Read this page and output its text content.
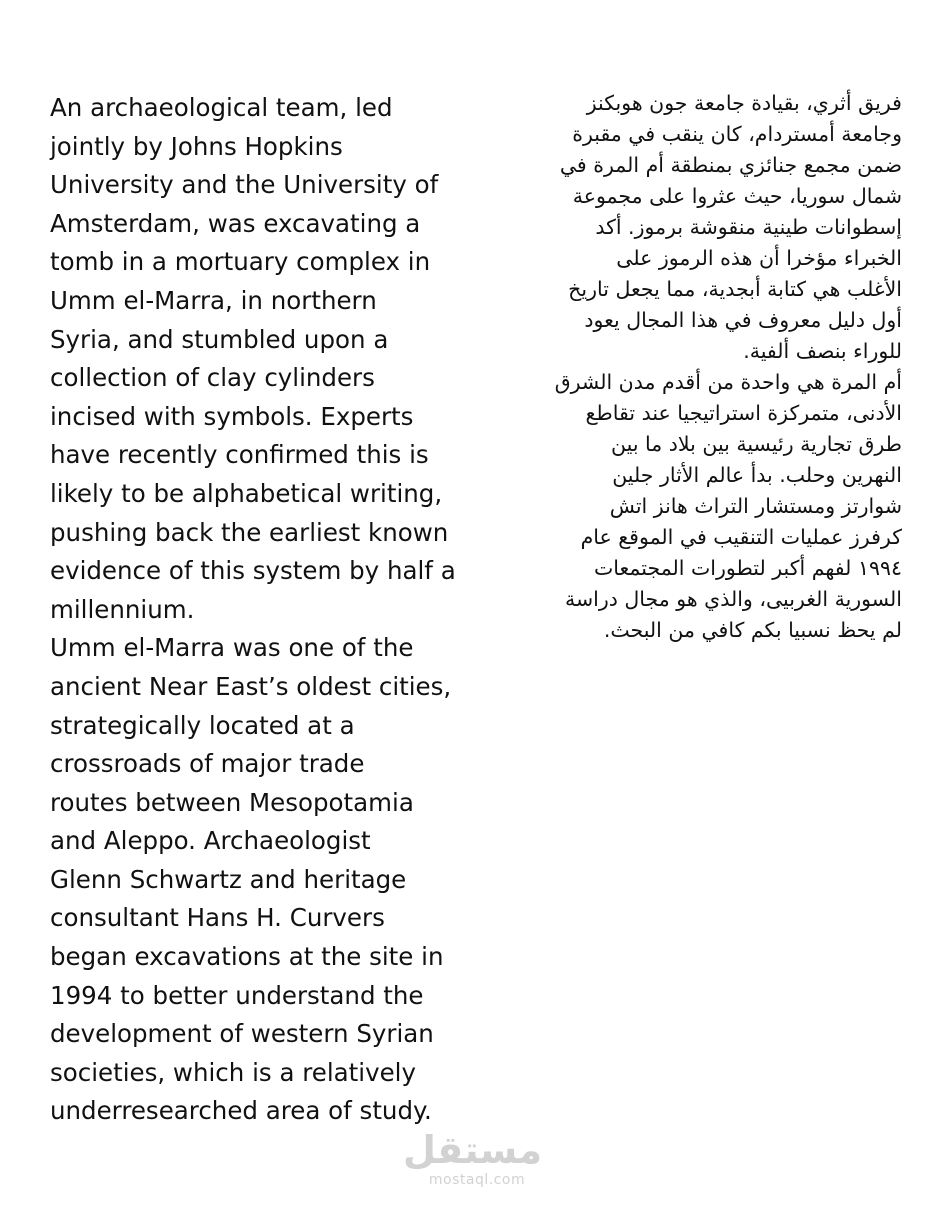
An archaeological team, led
jointly by Johns Hopkins
University and the University of
Amsterdam, was excavating a
tomb in a mortuary complex in
Umm el-Marra, in northern
Syria, and stumbled upon a
collection of clay cylinders
incised with symbols. Experts
have recently confirmed this is
likely to be alphabetical writing,
pushing back the earliest known
evidence of this system by half a
millennium.
Umm el-Marra was one of the
ancient Near East’s oldest cities,
strategically located at a
crossroads of major trade
routes between Mesopotamia
and Aleppo. Archaeologist
Glenn Schwartz and heritage
consultant Hans H. Curvers
began excavations at the site in
1994 to better understand the
development of western Syrian
societies, which is a relatively
underresearched area of study.
فريق أثري، بقيادة جامعة جون هوبكنز
وجامعة أمستردام، كان ينقب في مقبرة
ضمن مجمع جنائزي بمنطقة أم المرة في
شمال سوريا، حيث عثروا على مجموعة
إسطوانات طينية منقوشة برموز. أكد
الخبراء مؤخرا أن هذه الرموز على
الأغلب هي كتابة أبجدية، مما يجعل تاريخ
أول دليل معروف في هذا المجال يعود
للوراء بنصف ألفية.
أم المرة هي واحدة من أقدم مدن الشرق
الأدنى، متمركزة استراتيجيا عند تقاطع
طرق تجارية رئيسية بين بلاد ما بين
النهرين وحلب. بدأ عالم الأثار جلين
شوارتز ومستشار التراث هانز اتش
كرفرز عمليات التنقيب في الموقع عام
١٩٩٤ لفهم أكبر لتطورات المجتمعات
السورية الغربيى، والذي هو مجال دراسة
لم يحظ نسبيا بكم كافي من البحث.
مستقل
mostaql.com
